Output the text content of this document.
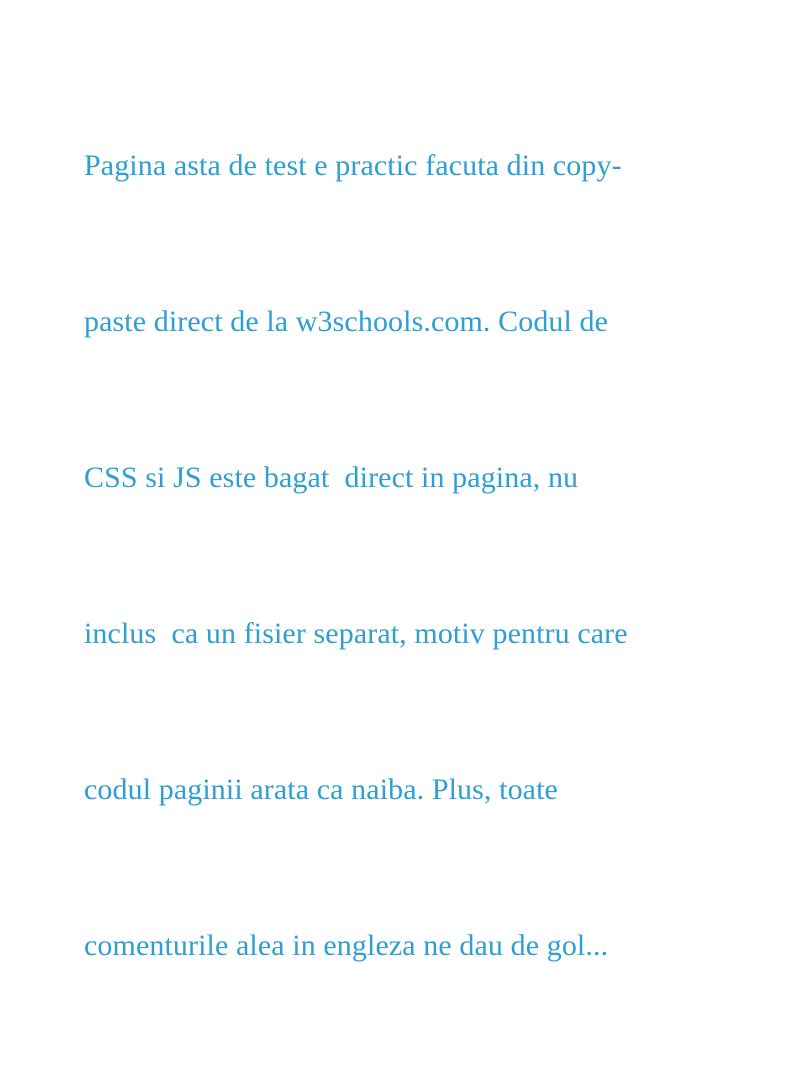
Pagina asta de test e practic facuta din copy-

paste direct de la w3schools.com. Codul de

CSS si JS este bagat  direct in pagina, nu

inclus  ca un fisier separat, motiv pentru care

codul paginii arata ca naiba. Plus, toate

comenturile alea in engleza ne dau de gol...
